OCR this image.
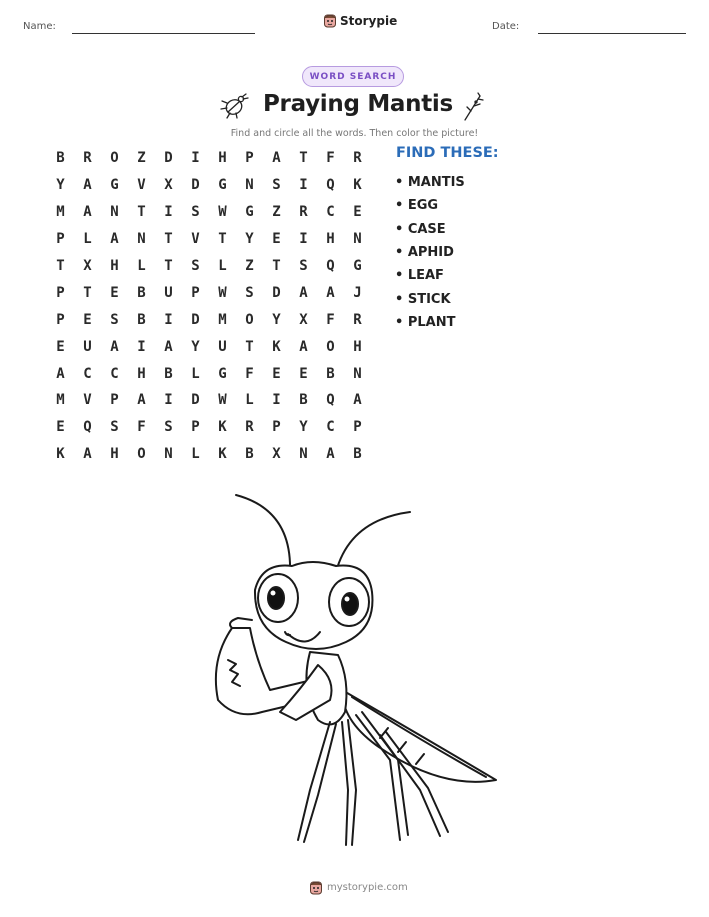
Name:	Storypie	Date:
WORD SEARCH
Praying Mantis
Find and circle all the words. Then color the picture!
B	R	O	Z	D	I	H	P	A	T	F	R
Y	A	G	V	X	D	G	N	S	I	Q	K
M	A	N	T	I	S	W	G	Z	R	C	E
P	L	A	N	T	V	T	Y	E	I	H	N
T	X	H	L	T	S	L	Z	T	S	Q	G
P	T	E	B	U	P	W	S	D	A	A	J
P	E	S	B	I	D	M	O	Y	X	F	R
E	U	A	I	A	Y	U	T	K	A	O	H
A	C	C	H	B	L	G	F	E	E	B	N
M	V	P	A	I	D	W	L	I	B	Q	A
E	Q	S	F	S	P	K	R	P	Y	C	P
K	A	H	O	N	L	K	B	X	N	A	B
FIND THESE:
• MANTIS
• EGG
• CASE
• APHID
• LEAF
• STICK
• PLANT
mystorypie.com
